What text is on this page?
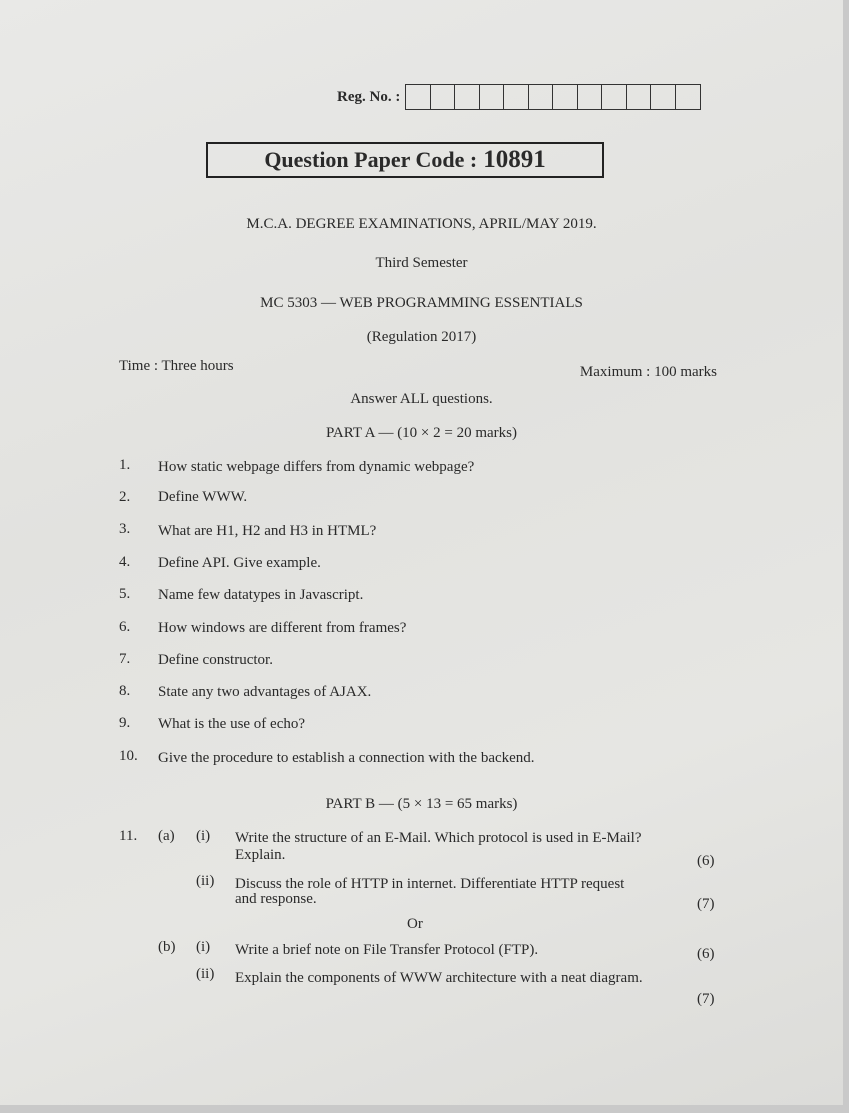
Reg. No. :
Question Paper Code : 10891
M.C.A. DEGREE EXAMINATIONS, APRIL/MAY 2019.
Third Semester
MC 5303 — WEB PROGRAMMING ESSENTIALS
(Regulation 2017)
Time : Three hours	Maximum : 100 marks
Answer ALL questions.
PART A — (10 × 2 = 20 marks)
1. How static webpage differs from dynamic webpage?
2. Define WWW.
3. What are H1, H2 and H3 in HTML?
4. Define API. Give example.
5. Name few datatypes in Javascript.
6. How windows are different from frames?
7. Define constructor.
8. State any two advantages of AJAX.
9. What is the use of echo?
10. Give the procedure to establish a connection with the backend.
PART B — (5 × 13 = 65 marks)
11. (a) (i) Write the structure of an E-Mail. Which protocol is used in E-Mail?
Explain.	(6)
(ii) Discuss the role of HTTP in internet. Differentiate HTTP request
and response.	(7)
Or
(b) (i) Write a brief note on File Transfer Protocol (FTP).	(6)
(ii) Explain the components of WWW architecture with a neat diagram.
(7)
